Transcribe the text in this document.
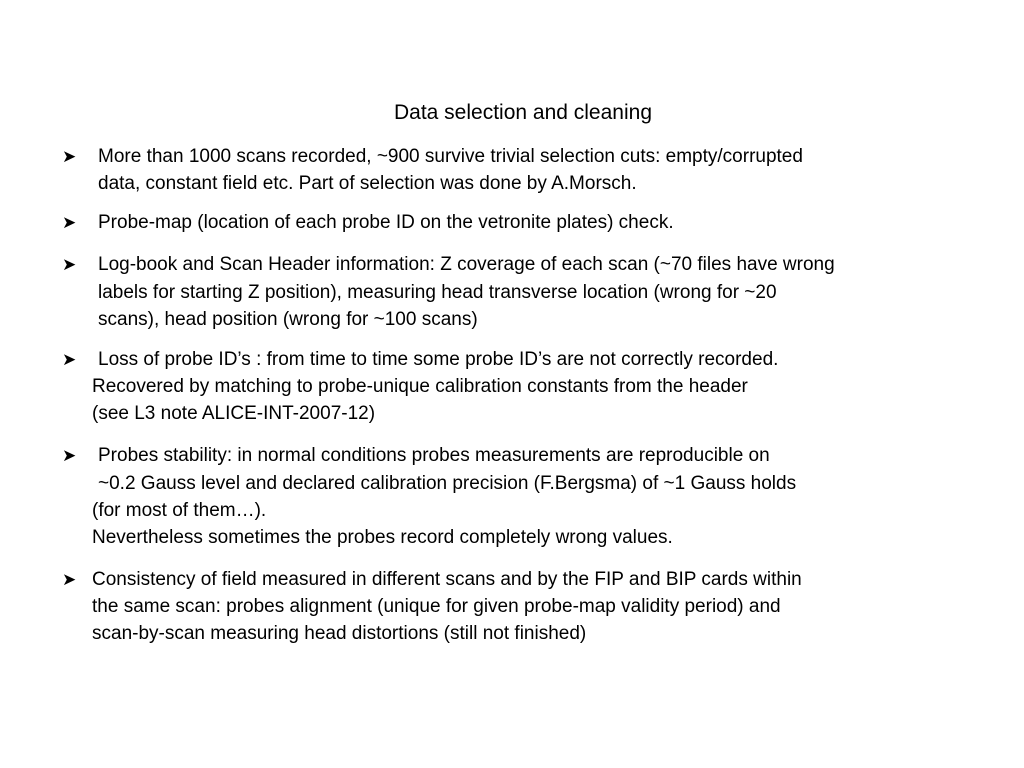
Data selection and cleaning
➤ More than 1000 scans recorded, ~900 survive trivial selection cuts: empty/corrupted
data, constant field etc. Part of selection was done by A.Morsch.
➤ Probe-map (location of each probe ID on the vetronite plates) check.
➤ Log-book and Scan Header information: Z coverage of each scan (~70 files have wrong
labels for starting Z position), measuring head transverse location (wrong for ~20
scans), head position (wrong for ~100 scans)
➤ Loss of probe ID’s : from time to time some probe ID’s are not correctly recorded.
Recovered by matching to probe-unique calibration constants from the header
(see L3 note ALICE-INT-2007-12)
➤ Probes stability: in normal conditions probes measurements are reproducible on
~0.2 Gauss level and declared calibration precision (F.Bergsma) of ~1 Gauss holds
(for most of them…).
Nevertheless sometimes the probes record completely wrong values.
➤ Consistency of field measured in different scans and by the FIP and BIP cards within
the same scan: probes alignment (unique for given probe-map validity period) and
scan-by-scan measuring head distortions (still not finished)
